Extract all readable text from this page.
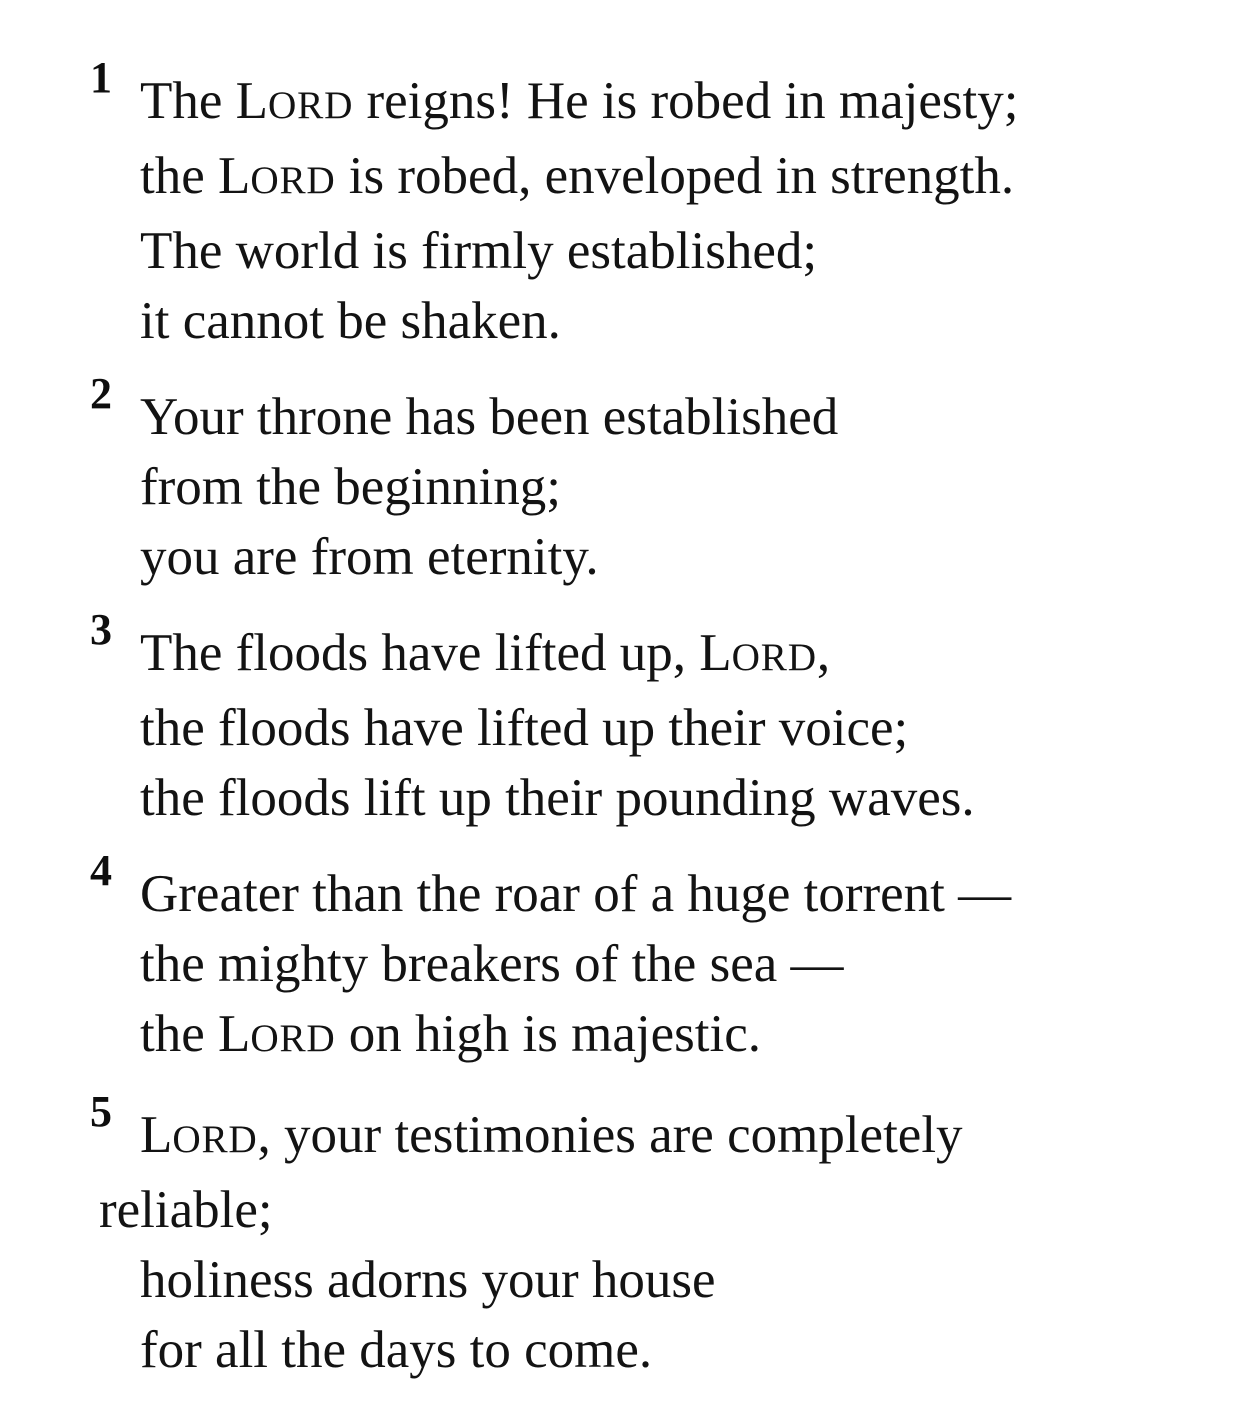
1 The LORD reigns! He is robed in majesty;
the LORD is robed, enveloped in strength.
The world is firmly established;
it cannot be shaken.
2 Your throne has been established
from the beginning;
you are from eternity.
3 The floods have lifted up, LORD,
the floods have lifted up their voice;
the floods lift up their pounding waves.
4 Greater than the roar of a huge torrent —
the mighty breakers of the sea —
the LORD on high is majestic.
5 LORD, your testimonies are completely
reliable;
holiness adorns your house
for all the days to come.
